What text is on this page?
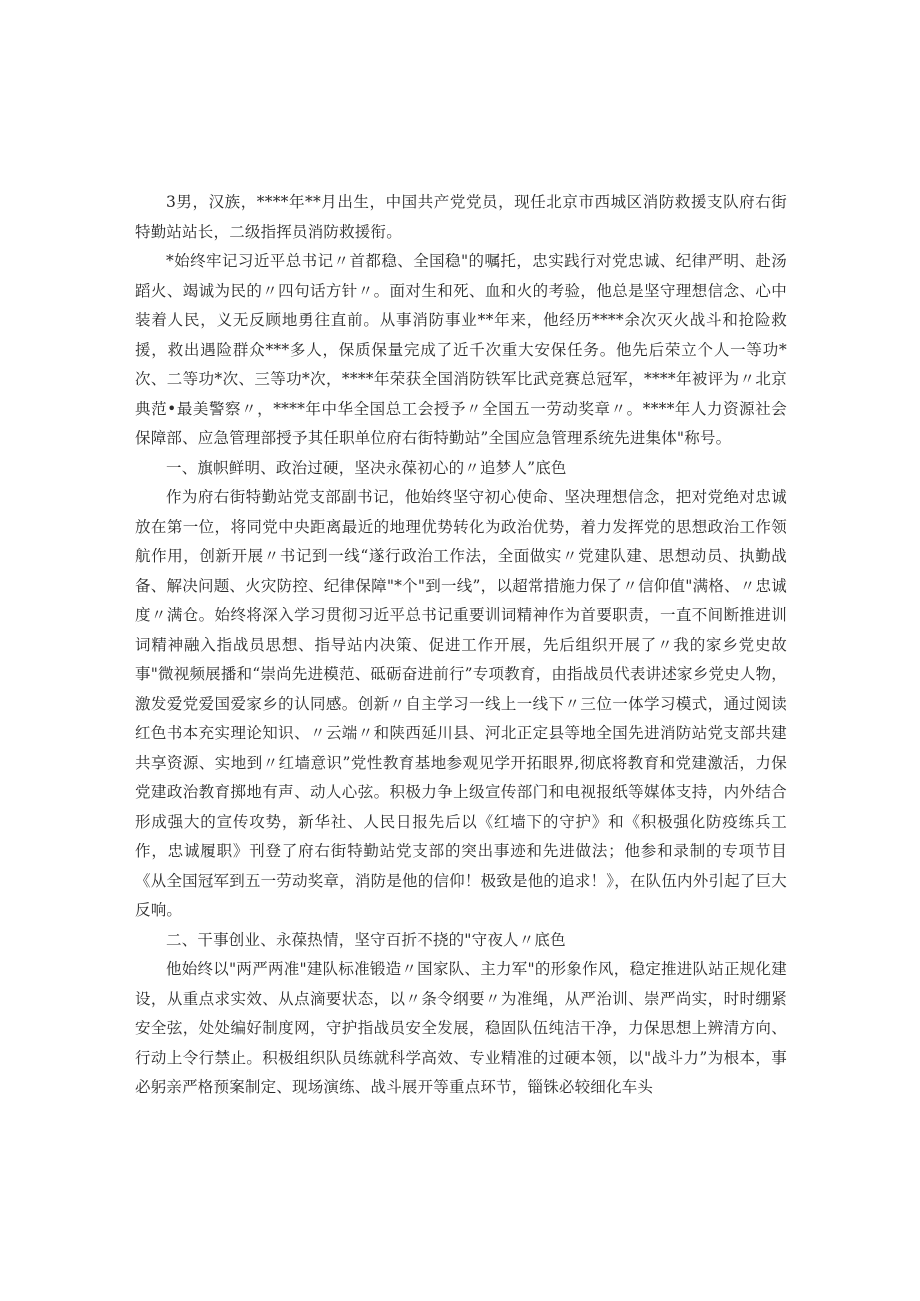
3男，汉族，****年**月出生，中国共产党党员，现任北京市西城区消防救援支队府右街特勤站站长，二级指挥员消防救援衔。

*始终牢记习近平总书记〃首都稳、全国稳"的嘱托，忠实践行对党忠诚、纪律严明、赴汤蹈火、竭诚为民的〃四句话方针〃。面对生和死、血和火的考验，他总是坚守理想信念、心中装着人民，义无反顾地勇往直前。从事消防事业**年来，他经历****余次灭火战斗和抢险救援，救出遇险群众***多人，保质保量完成了近千次重大安保任务。他先后荣立个人一等功*次、二等功*次、三等功*次，****年荣获全国消防铁军比武竞赛总冠军，****年被评为〃北京典范•最美警察〃，****年中华全国总工会授予〃全国五一劳动奖章〃。****年人力资源社会保障部、应急管理部授予其任职单位府右街特勤站”全国应急管理系统先进集体"称号。

一、旗帜鲜明、政治过硬，坚决永葆初心的〃追梦人”底色

作为府右街特勤站党支部副书记，他始终坚守初心使命、坚决理想信念，把对党绝对忠诚放在第一位，将同党中央距离最近的地理优势转化为政治优势，着力发挥党的思想政治工作领航作用，创新开展〃书记到一线“遂行政治工作法，全面做实〃党建队建、思想动员、执勤战备、解决问题、火灾防控、纪律保障"*个"到一线”，以超常措施力保了〃信仰值"满格、〃忠诚度〃满仓。始终将深入学习贯彻习近平总书记重要训词精神作为首要职责，一直不间断推进训词精神融入指战员思想、指导站内决策、促进工作开展，先后组织开展了〃我的家乡党史故事"微视频展播和“崇尚先进模范、砥砺奋进前行”专项教育，由指战员代表讲述家乡党史人物，激发爱党爱国爱家乡的认同感。创新〃自主学习一线上一线下〃三位一体学习模式，通过阅读红色书本充实理论知识、〃云端〃和陕西延川县、河北正定县等地全国先进消防站党支部共建共享资源、实地到〃红墙意识”党性教育基地参观见学开拓眼界,彻底将教育和党建激活，力保党建政治教育掷地有声、动人心弦。积极力争上级宣传部门和电视报纸等媒体支持，内外结合形成强大的宣传攻势，新华社、人民日报先后以《红墙下的守护》和《积极强化防疫练兵工作，忠诚履职》刊登了府右街特勤站党支部的突出事迹和先进做法；他参和录制的专项节目《从全国冠军到五一劳动奖章，消防是他的信仰！极致是他的追求！》，在队伍内外引起了巨大反响。

二、干事创业、永葆热情，坚守百折不挠的"守夜人〃底色

他始终以"两严两准"建队标准锻造〃国家队、主力军"的形象作风，稳定推进队站正规化建设，从重点求实效、从点滴要状态，以〃条令纲要〃为准绳，从严治训、崇严尚实，时时绷紧安全弦，处处编好制度网，守护指战员安全发展，稳固队伍纯洁干净，力保思想上辨清方向、行动上令行禁止。积极组织队员练就科学高效、专业精准的过硬本领，以"战斗力”为根本，事必躬亲严格预案制定、现场演练、战斗展开等重点环节，锱铢必较细化车头
